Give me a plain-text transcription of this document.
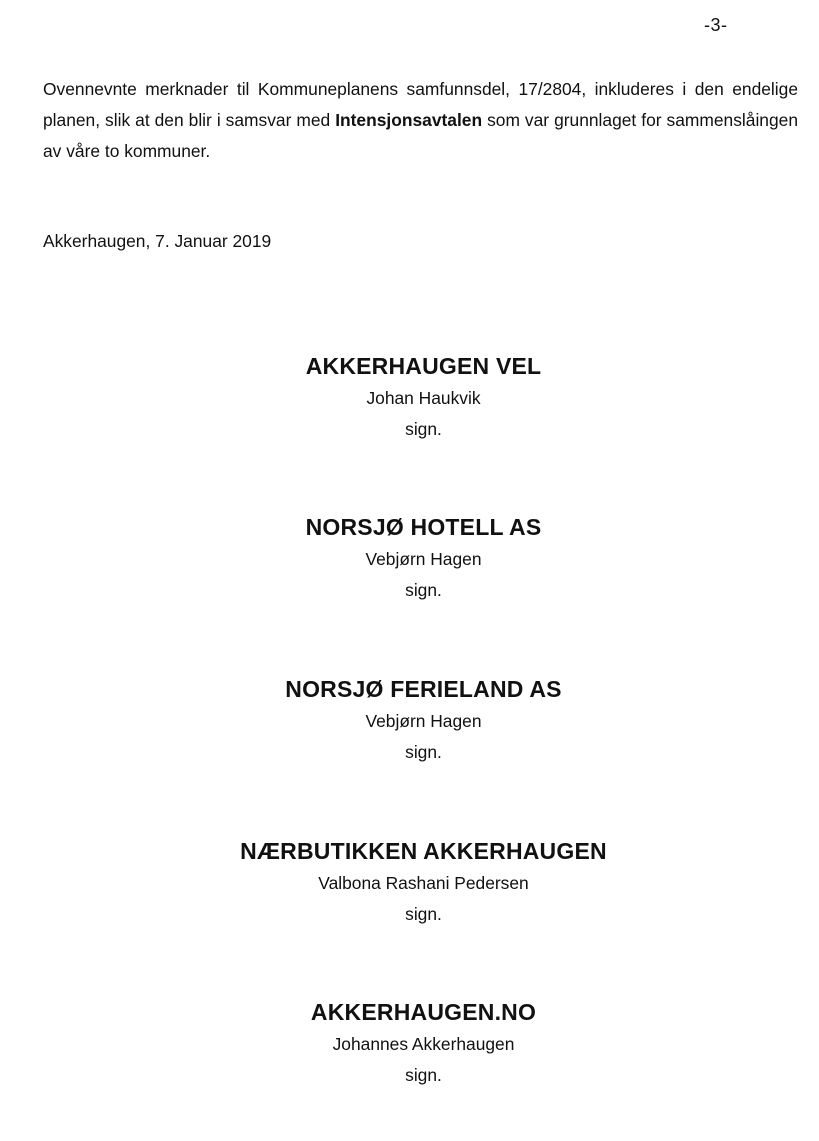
-3-

Ovennevnte merknader til Kommuneplanens samfunnsdel, 17/2804, inkluderes i den endelige planen, slik at den blir i samsvar med Intensjonsavtalen som var grunnlaget for sammenslåingen av våre to kommuner.

Akkerhaugen, 7. Januar 2019
AKKERHAUGEN VEL
Johan Haukvik
sign.
NORSJØ HOTELL AS
Vebjørn Hagen
sign.
NORSJØ FERIELAND AS
Vebjørn Hagen
sign.
NÆRBUTIKKEN AKKERHAUGEN
Valbona Rashani Pedersen
sign.
AKKERHAUGEN.NO
Johannes Akkerhaugen
sign.
